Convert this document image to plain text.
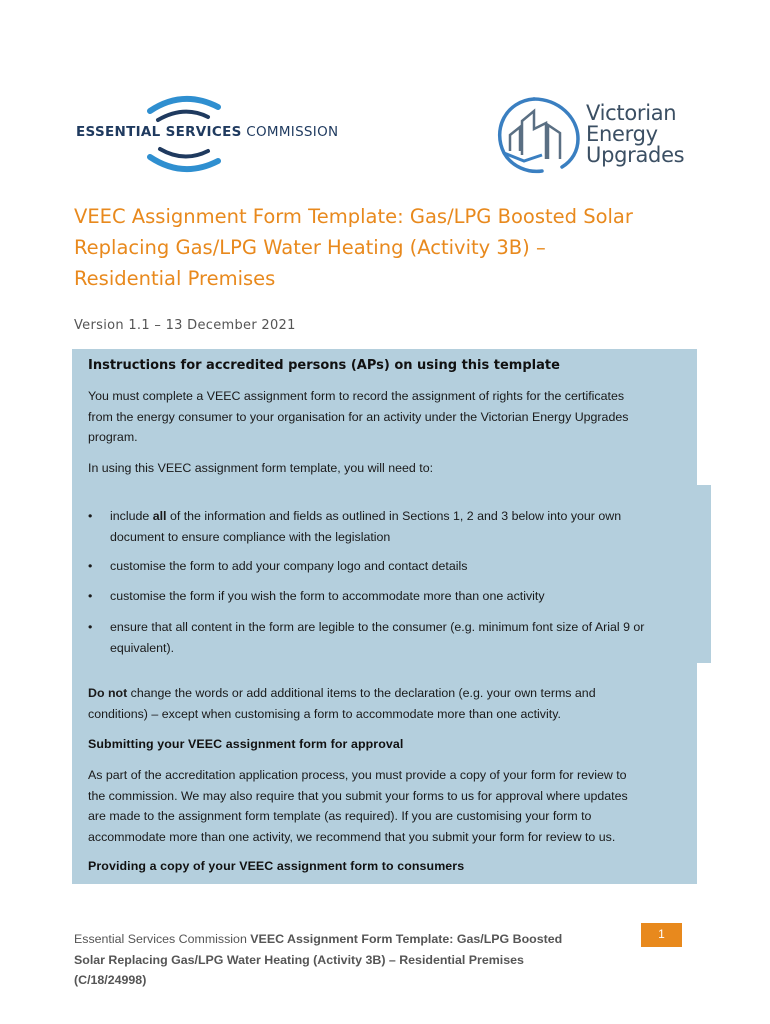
ESSENTIAL SERVICES COMMISSION
Victorian
Energy
Upgrades
VEEC Assignment Form Template: Gas/LPG Boosted Solar
Replacing Gas/LPG Water Heating (Activity 3B) –
Residential Premises
Version 1.1 – 13 December 2021
Instructions for accredited persons (APs) on using this template
You must complete a VEEC assignment form to record the assignment of rights for the certificates
from the energy consumer to your organisation for an activity under the Victorian Energy Upgrades
program.
In using this VEEC assignment form template, you will need to:
• include all of the information and fields as outlined in Sections 1, 2 and 3 below into your own
document to ensure compliance with the legislation
• customise the form to add your company logo and contact details
• customise the form if you wish the form to accommodate more than one activity
• ensure that all content in the form are legible to the consumer (e.g. minimum font size of Arial 9 or
equivalent).
Do not change the words or add additional items to the declaration (e.g. your own terms and
conditions) – except when customising a form to accommodate more than one activity.
Submitting your VEEC assignment form for approval
As part of the accreditation application process, you must provide a copy of your form for review to
the commission. We may also require that you submit your forms to us for approval where updates
are made to the assignment form template (as required). If you are customising your form to
accommodate more than one activity, we recommend that you submit your form for review to us.
Providing a copy of your VEEC assignment form to consumers
Essential Services Commission VEEC Assignment Form Template: Gas/LPG Boosted
Solar Replacing Gas/LPG Water Heating (Activity 3B) – Residential Premises
(C/18/24998)
1
